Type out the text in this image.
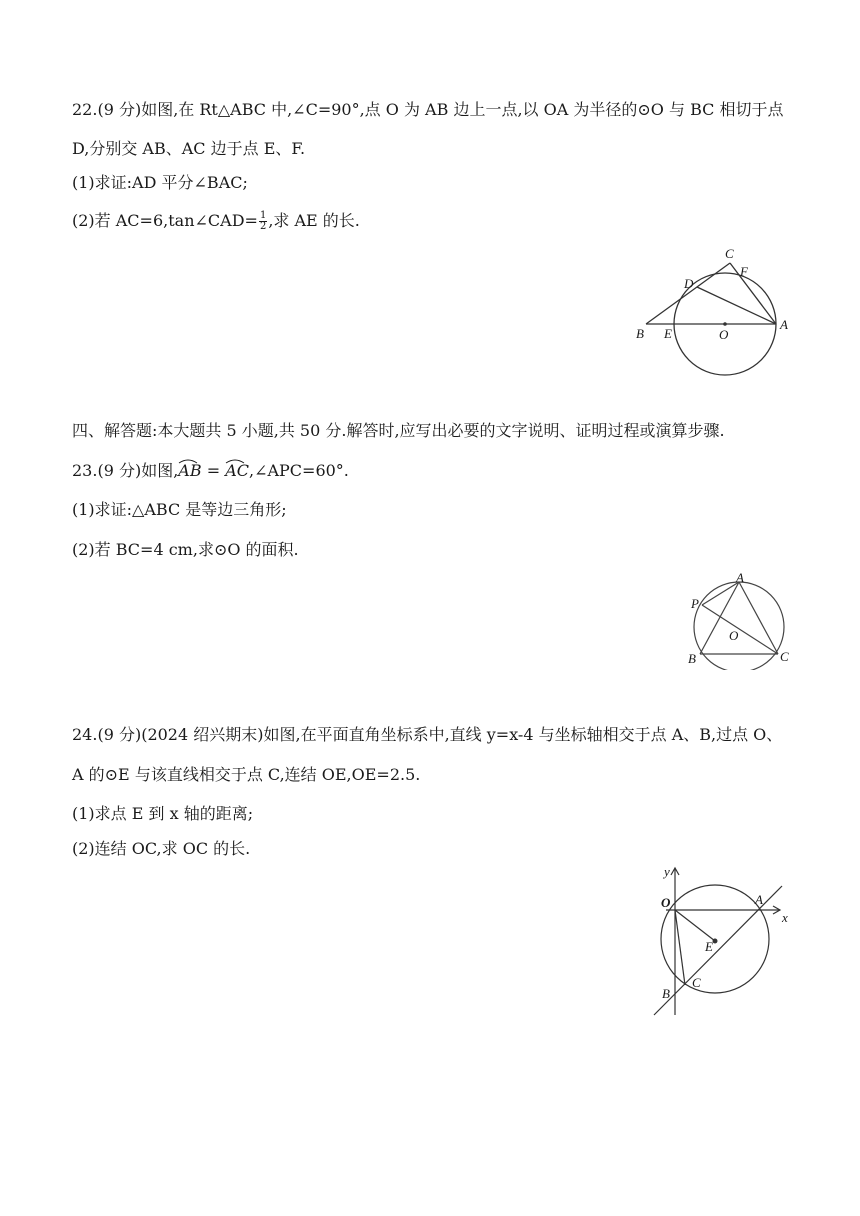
22.(9 分)如图,在 Rt△ABC 中,∠C=90°,点 O 为 AB 边上一点,以 OA 为半径的⊙O 与 BC 相切于点
D,分别交 AB、AC 边于点 E、F.
(1)求证:AD 平分∠BAC;
(2)若 AC=6,tan∠CAD= $\frac{1}{2}$ ,求 AE 的长.
C
F
D
A
B E	O
四、解答题:本大题共 5 小题,共 50 分.解答时,应写出必要的文字说明、证明过程或演算步骤.
23.(9 分)如图,
AB =
AC,∠APC=60°.
(1)求证:△ABC 是等边三角形;
(2)若 BC=4 cm,求⊙O 的面积.
A
P
O
B	C
24.(9 分)(2024 绍兴期末)如图,在平面直角坐标系中,直线 y=x-4 与坐标轴相交于点 A、B,过点 O、
A 的⊙E 与该直线相交于点 C,连结 OE,OE=2.5.
(1)求点 E 到 x 轴的距离;
(2)连结 OC,求 OC 的长.
y
x
O	A
E
C
B
